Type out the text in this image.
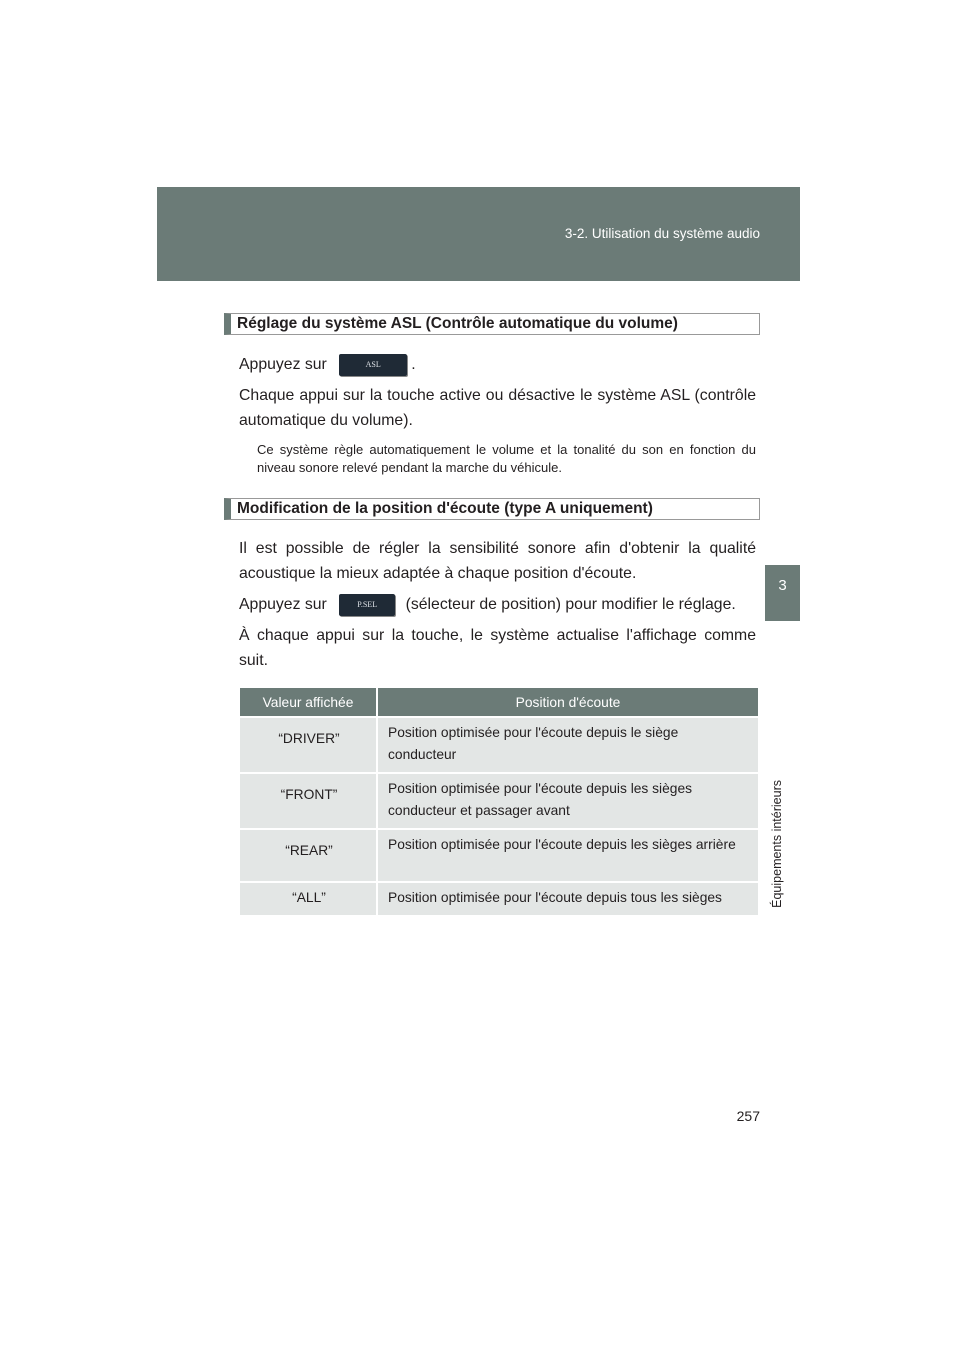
3-2. Utilisation du système audio
3
Équipements intérieurs
Réglage du système ASL (Contrôle automatique du volume)
Appuyez sur	ASL .
Chaque appui sur la touche active ou désactive le système ASL (contrôle automatique du volume).
Ce système règle automatiquement le volume et la tonalité du son en fonction du niveau sonore relevé pendant la marche du véhicule.
Modification de la position d'écoute (type A uniquement)
Il est possible de régler la sensibilité sonore afin d'obtenir la qualité acoustique la mieux adaptée à chaque position d'écoute.
Appuyez sur	P.SEL (sélecteur de position) pour modifier le réglage.
À chaque appui sur la touche, le système actualise l'affichage comme suit.
Valeur affichée	Position d'écoute
“DRIVER”	Position optimisée pour l'écoute depuis le siège conducteur
“FRONT”	Position optimisée pour l'écoute depuis les sièges conducteur et passager avant
“REAR”	Position optimisée pour l'écoute depuis les sièges arrière
“ALL”	Position optimisée pour l'écoute depuis tous les sièges
257
